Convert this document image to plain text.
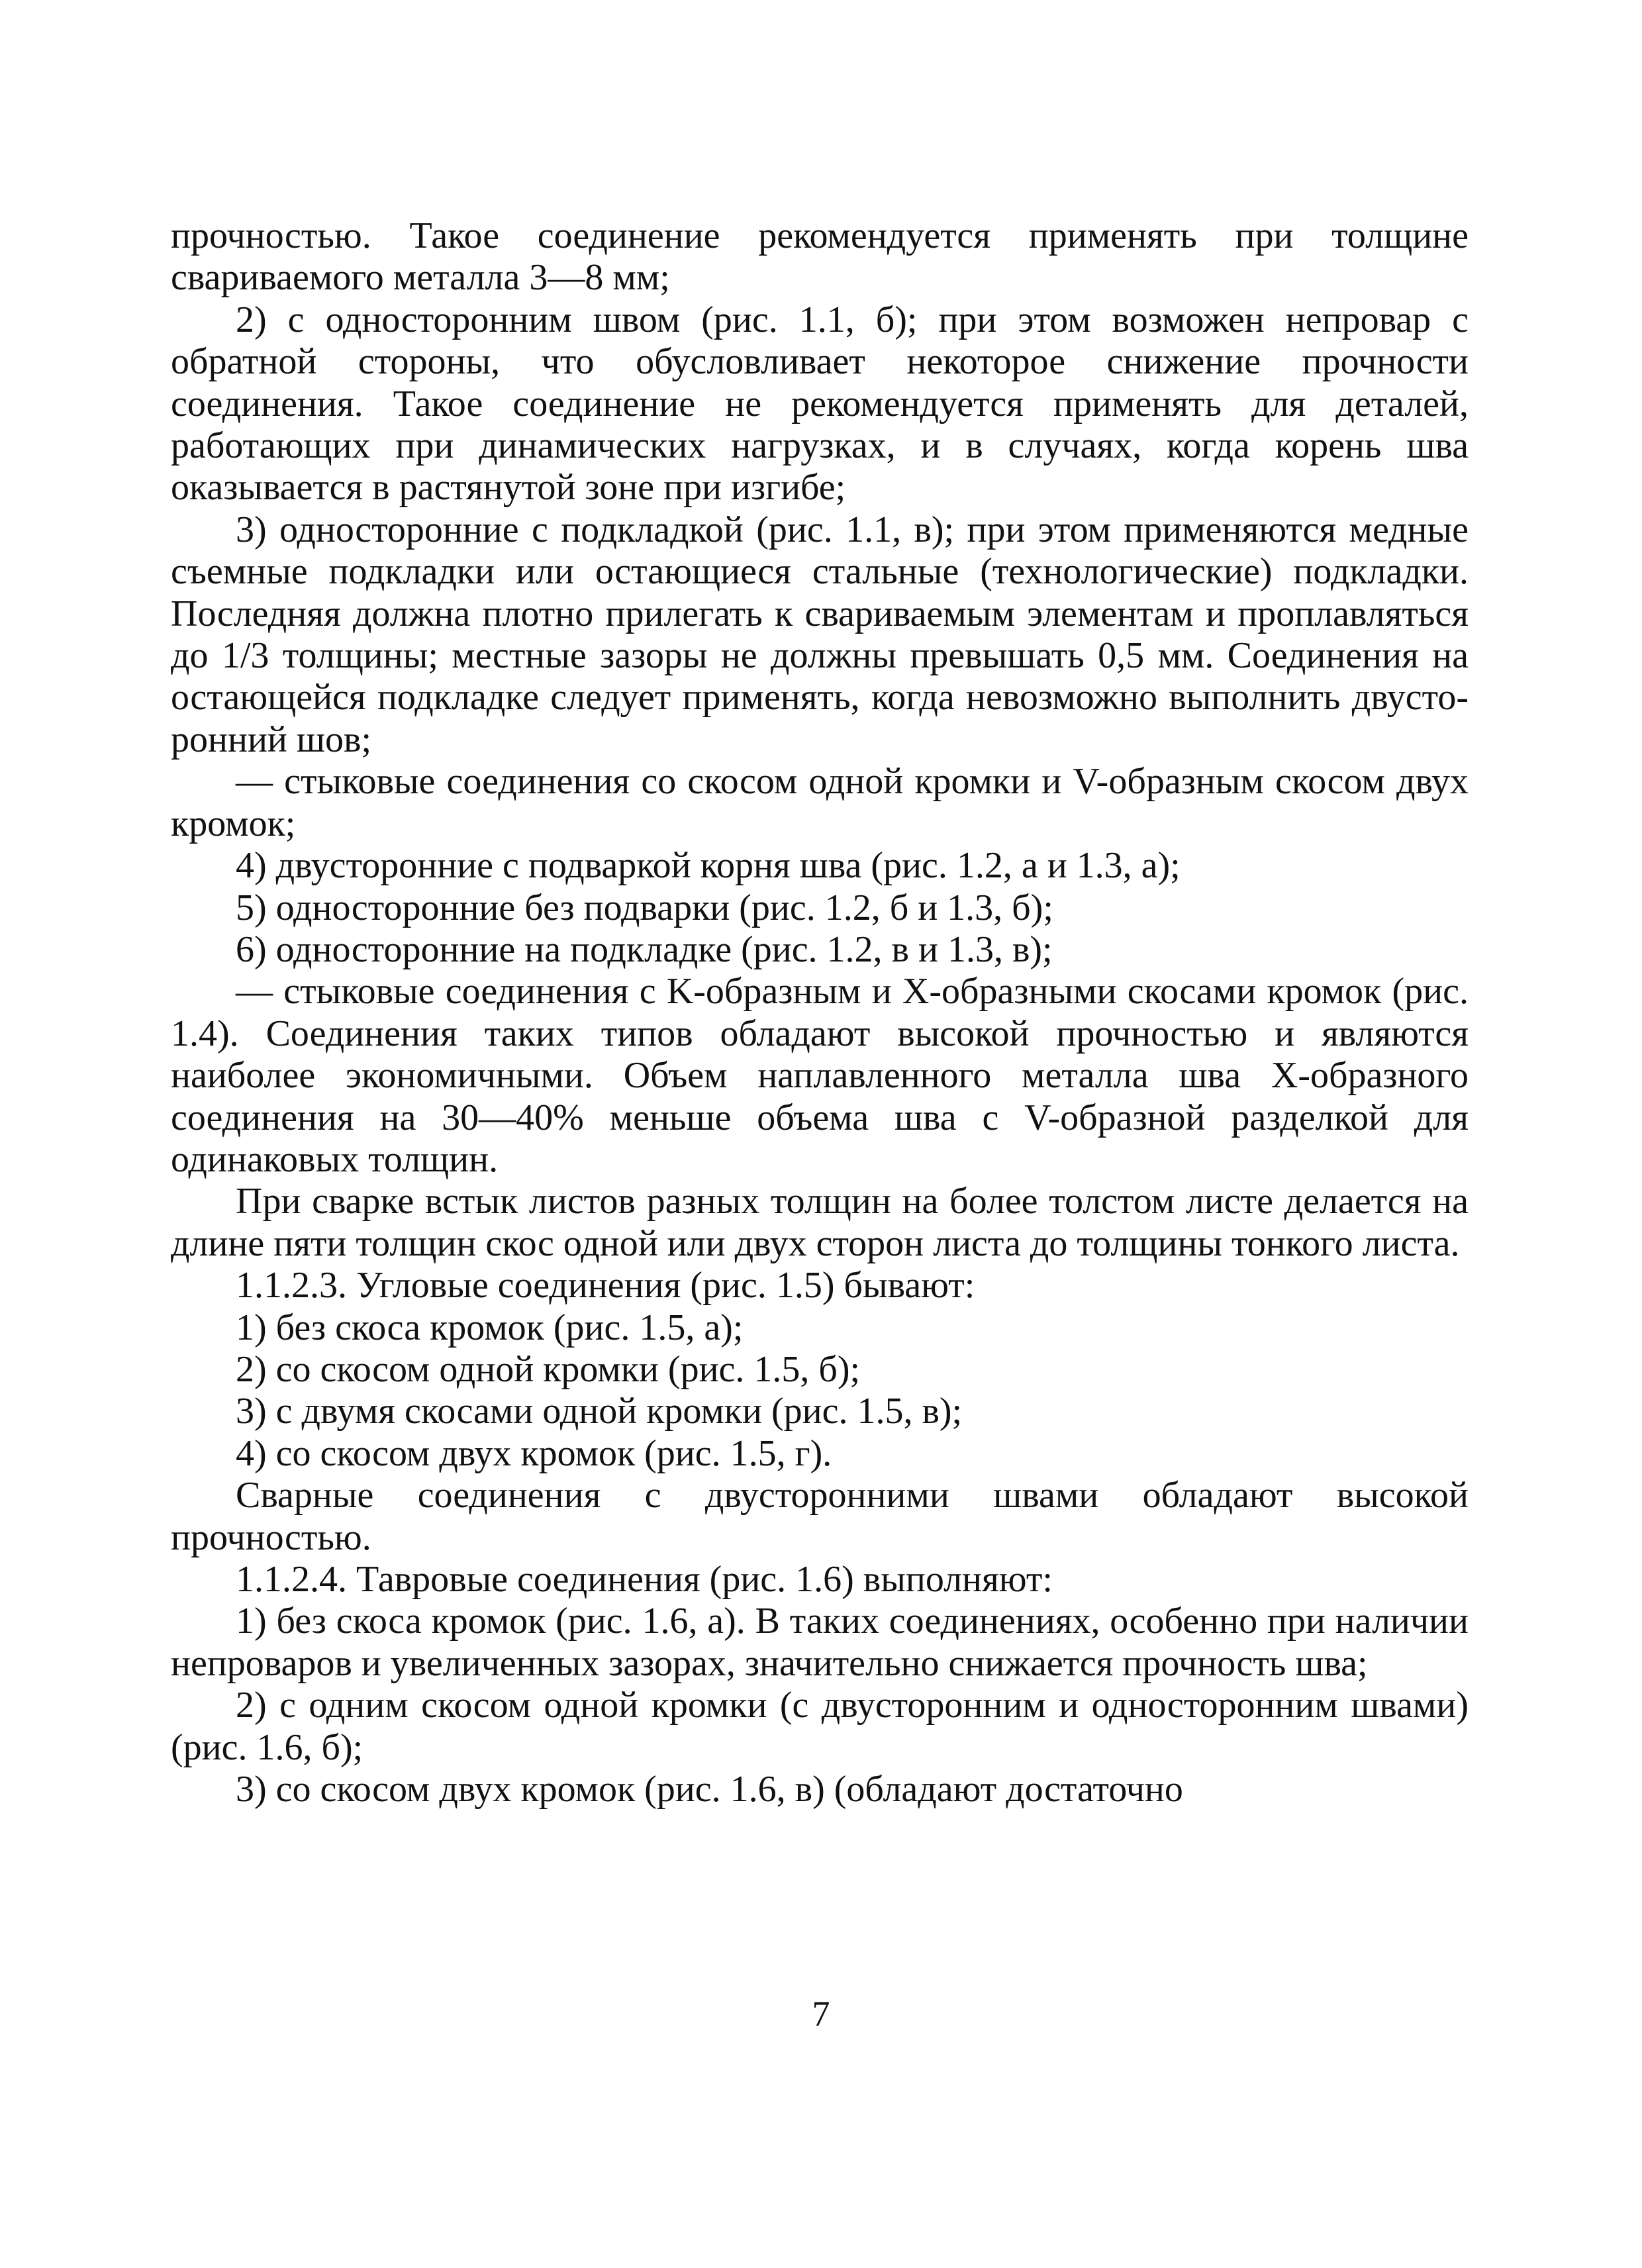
прочностью. Такое соединение рекомендуется применять при толщине свариваемого металла 3—8 мм;

2) с односторонним швом (рис. 1.1, б); при этом возможен непровар с обратной стороны, что обусловливает некоторое снижение прочности соединения. Такое соединение не рекомендуется применять для деталей, работающих при динамических нагрузках, и в случаях, когда корень шва оказывается в растянутой зоне при изгибе;

3) односторонние с подкладкой (рис. 1.1, в); при этом применяются медные съемные подкладки или остающиеся стальные (технологические) подкладки. Последняя должна плотно прилегать к свариваемым элементам и проплавляться до 1/3 толщины; местные зазоры не должны превышать 0,5 мм. Соединения на остающейся подкладке следует применять, когда невозможно выполнить двусторонний шов;

— стыковые соединения со скосом одной кромки и V-образным скосом двух кромок;

4) двусторонние с подваркой корня шва (рис. 1.2, а и 1.3, а);

5) односторонние без подварки (рис. 1.2, б и 1.3, б);

6) односторонние на подкладке (рис. 1.2, в и 1.3, в);

— стыковые соединения с K-образным и X-образными скосами кромок (рис. 1.4). Соединения таких типов обладают высокой прочностью и являются наиболее экономичными. Объем наплавленного металла шва X-образного соединения на 30—40% меньше объема шва с V-образной разделкой для одинаковых толщин.

При сварке встык листов разных толщин на более толстом листе делается на длине пяти толщин скос одной или двух сторон листа до толщины тонкого листа.

1.1.2.3. Угловые соединения (рис. 1.5) бывают:

1) без скоса кромок (рис. 1.5, а);

2) со скосом одной кромки (рис. 1.5, б);

3) с двумя скосами одной кромки (рис. 1.5, в);

4) со скосом двух кромок (рис. 1.5, г).

Сварные соединения с двусторонними швами обладают высокой прочностью.

1.1.2.4. Тавровые соединения (рис. 1.6) выполняют:

1) без скоса кромок (рис. 1.6, а). В таких соединениях, особенно при наличии непроваров и увеличенных зазорах, значительно снижается прочность шва;

2) с одним скосом одной кромки (с двусторонним и односторонним швами) (рис. 1.6, б);

3) со скосом двух кромок (рис. 1.6, в) (обладают достаточно

7
